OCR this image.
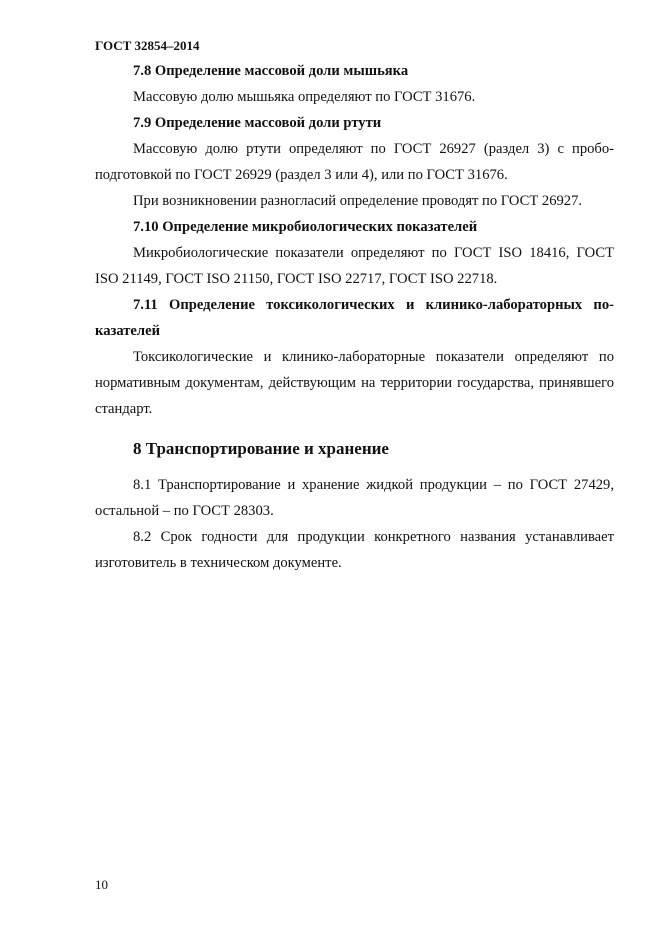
ГОСТ 32854–2014

7.8 Определение массовой доли мышьяка

Массовую долю мышьяка определяют по ГОСТ 31676.

7.9 Определение массовой доли ртути

Массовую долю ртути определяют по ГОСТ 26927 (раздел 3) с пробо-подготовкой по ГОСТ 26929 (раздел 3 или 4), или по ГОСТ 31676.

При возникновении разногласий определение проводят по ГОСТ 26927.

7.10 Определение микробиологических показателей

Микробиологические показатели определяют по ГОСТ ISO 18416, ГОСТ ISO 21149, ГОСТ ISO 21150, ГОСТ ISO 22717, ГОСТ ISO 22718.

7.11 Определение токсикологических и клинико-лабораторных по-казателей

Токсикологические и клинико-лабораторные показатели определяют по нормативным документам, действующим на территории государства, принявшего стандарт.

8 Транспортирование и хранение

8.1 Транспортирование и хранение жидкой продукции – по ГОСТ 27429, остальной – по ГОСТ 28303.

8.2 Срок годности для продукции конкретного названия устанавливает изготовитель в техническом документе.

10
